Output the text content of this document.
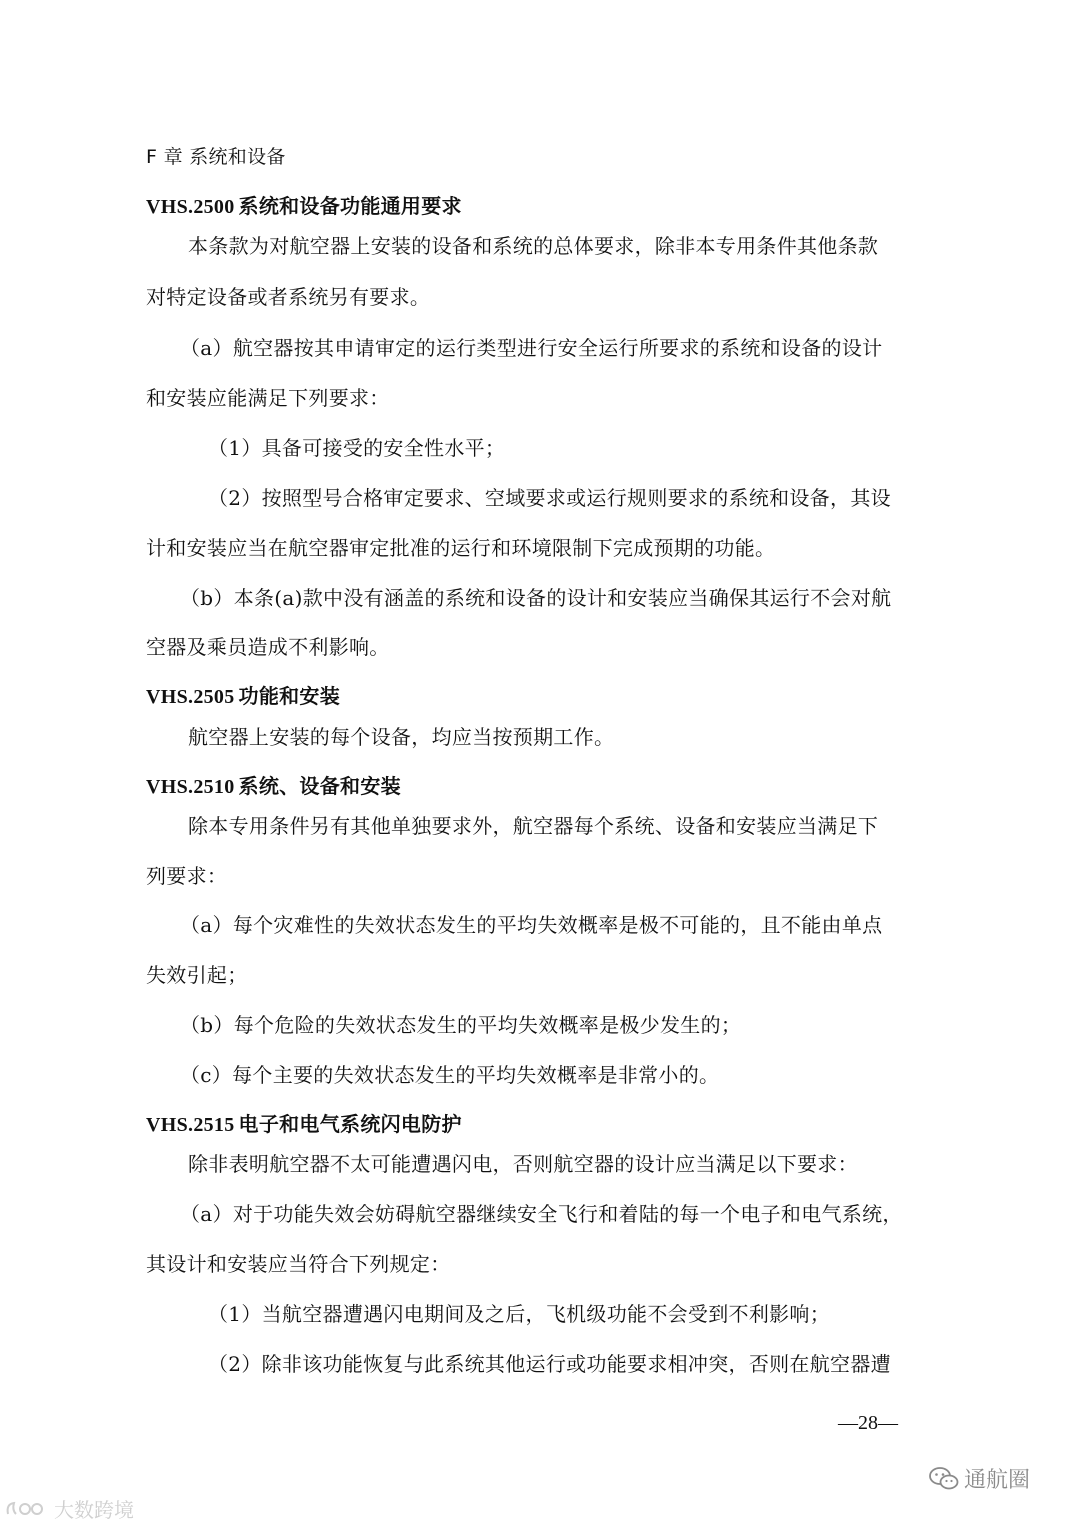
F 章 系统和设备
VHS.2500 系统和设备功能通用要求
本条款为对航空器上安装的设备和系统的总体要求，除非本专用条件其他条款
对特定设备或者系统另有要求。
（a）航空器按其申请审定的运行类型进行安全运行所要求的系统和设备的设计
和安装应能满足下列要求：
（1）具备可接受的安全性水平；
（2）按照型号合格审定要求、空域要求或运行规则要求的系统和设备，其设
计和安装应当在航空器审定批准的运行和环境限制下完成预期的功能。
（b）本条(a)款中没有涵盖的系统和设备的设计和安装应当确保其运行不会对航
空器及乘员造成不利影响。
VHS.2505 功能和安装
航空器上安装的每个设备，均应当按预期工作。
VHS.2510 系统、设备和安装
除本专用条件另有其他单独要求外，航空器每个系统、设备和安装应当满足下
列要求：
（a）每个灾难性的失效状态发生的平均失效概率是极不可能的，且不能由单点
失效引起；
（b）每个危险的失效状态发生的平均失效概率是极少发生的；
（c）每个主要的失效状态发生的平均失效概率是非常小的。
VHS.2515 电子和电气系统闪电防护
除非表明航空器不太可能遭遇闪电，否则航空器的设计应当满足以下要求：
（a）对于功能失效会妨碍航空器继续安全飞行和着陆的每一个电子和电气系统，
其设计和安装应当符合下列规定：
（1）当航空器遭遇闪电期间及之后，飞机级功能不会受到不利影响；
（2）除非该功能恢复与此系统其他运行或功能要求相冲突，否则在航空器遭
—28—
通航圈
大数跨境
